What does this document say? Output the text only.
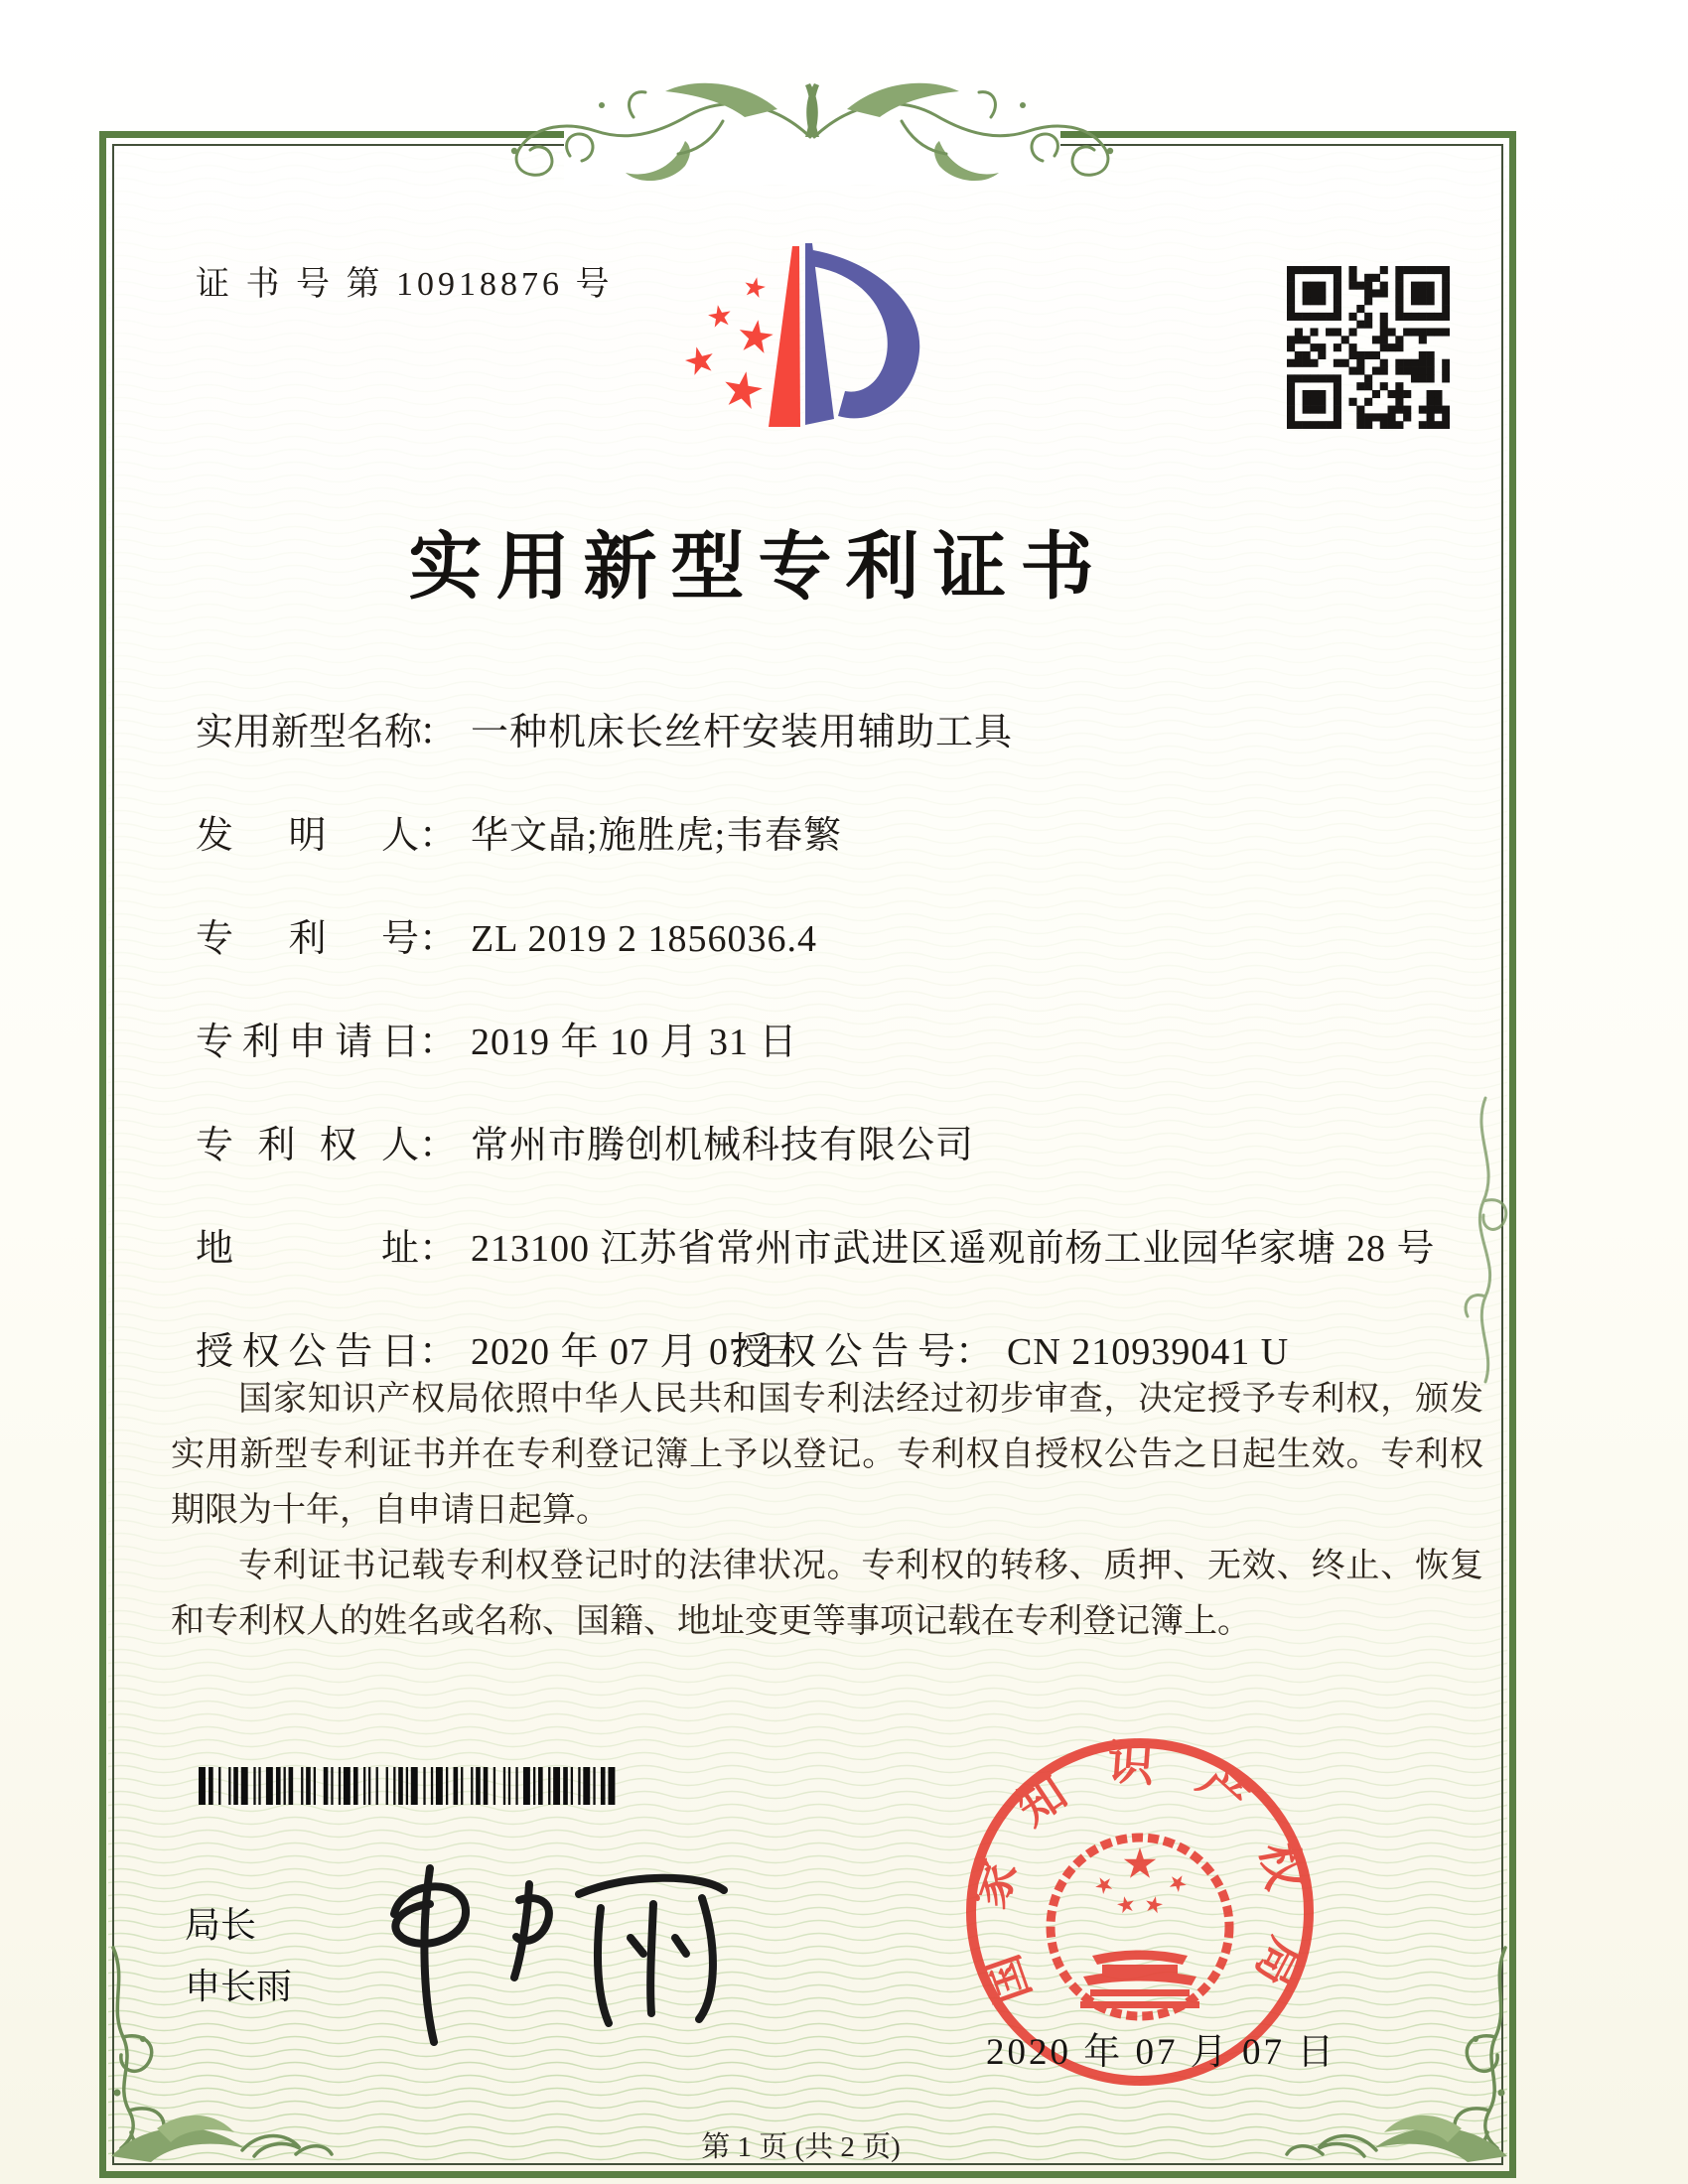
证 书 号 第 10918876 号
实用新型专利证书

实用新型名称： 一种机床长丝杆安装用辅助工具

发明人： 华文晶;施胜虎;韦春繁

专利号： ZL 2019 2 1856036.4

专利申请日： 2019 年 10 月 31 日

专利权人： 常州市腾创机械科技有限公司

地址： 213100 江苏省常州市武进区遥观前杨工业园华家塘 28 号

授权公告日： 2020 年 07 月 07 日
授权公告号： CN 210939041 U

国家知识产权局依照中华人民共和国专利法经过初步审查，决定授予专利权，颁发实用新型专利证书并在专利登记簿上予以登记。专利权自授权公告之日起生效。专利权期限为十年，自申请日起算。

专利证书记载专利权登记时的法律状况。专利权的转移、质押、无效、终止、恢复和专利权人的姓名或名称、国籍、地址变更等事项记载在专利登记簿上。

局长
申长雨	国家知识产权局
2020 年 07 月 07 日
第 1 页 (共 2 页)
